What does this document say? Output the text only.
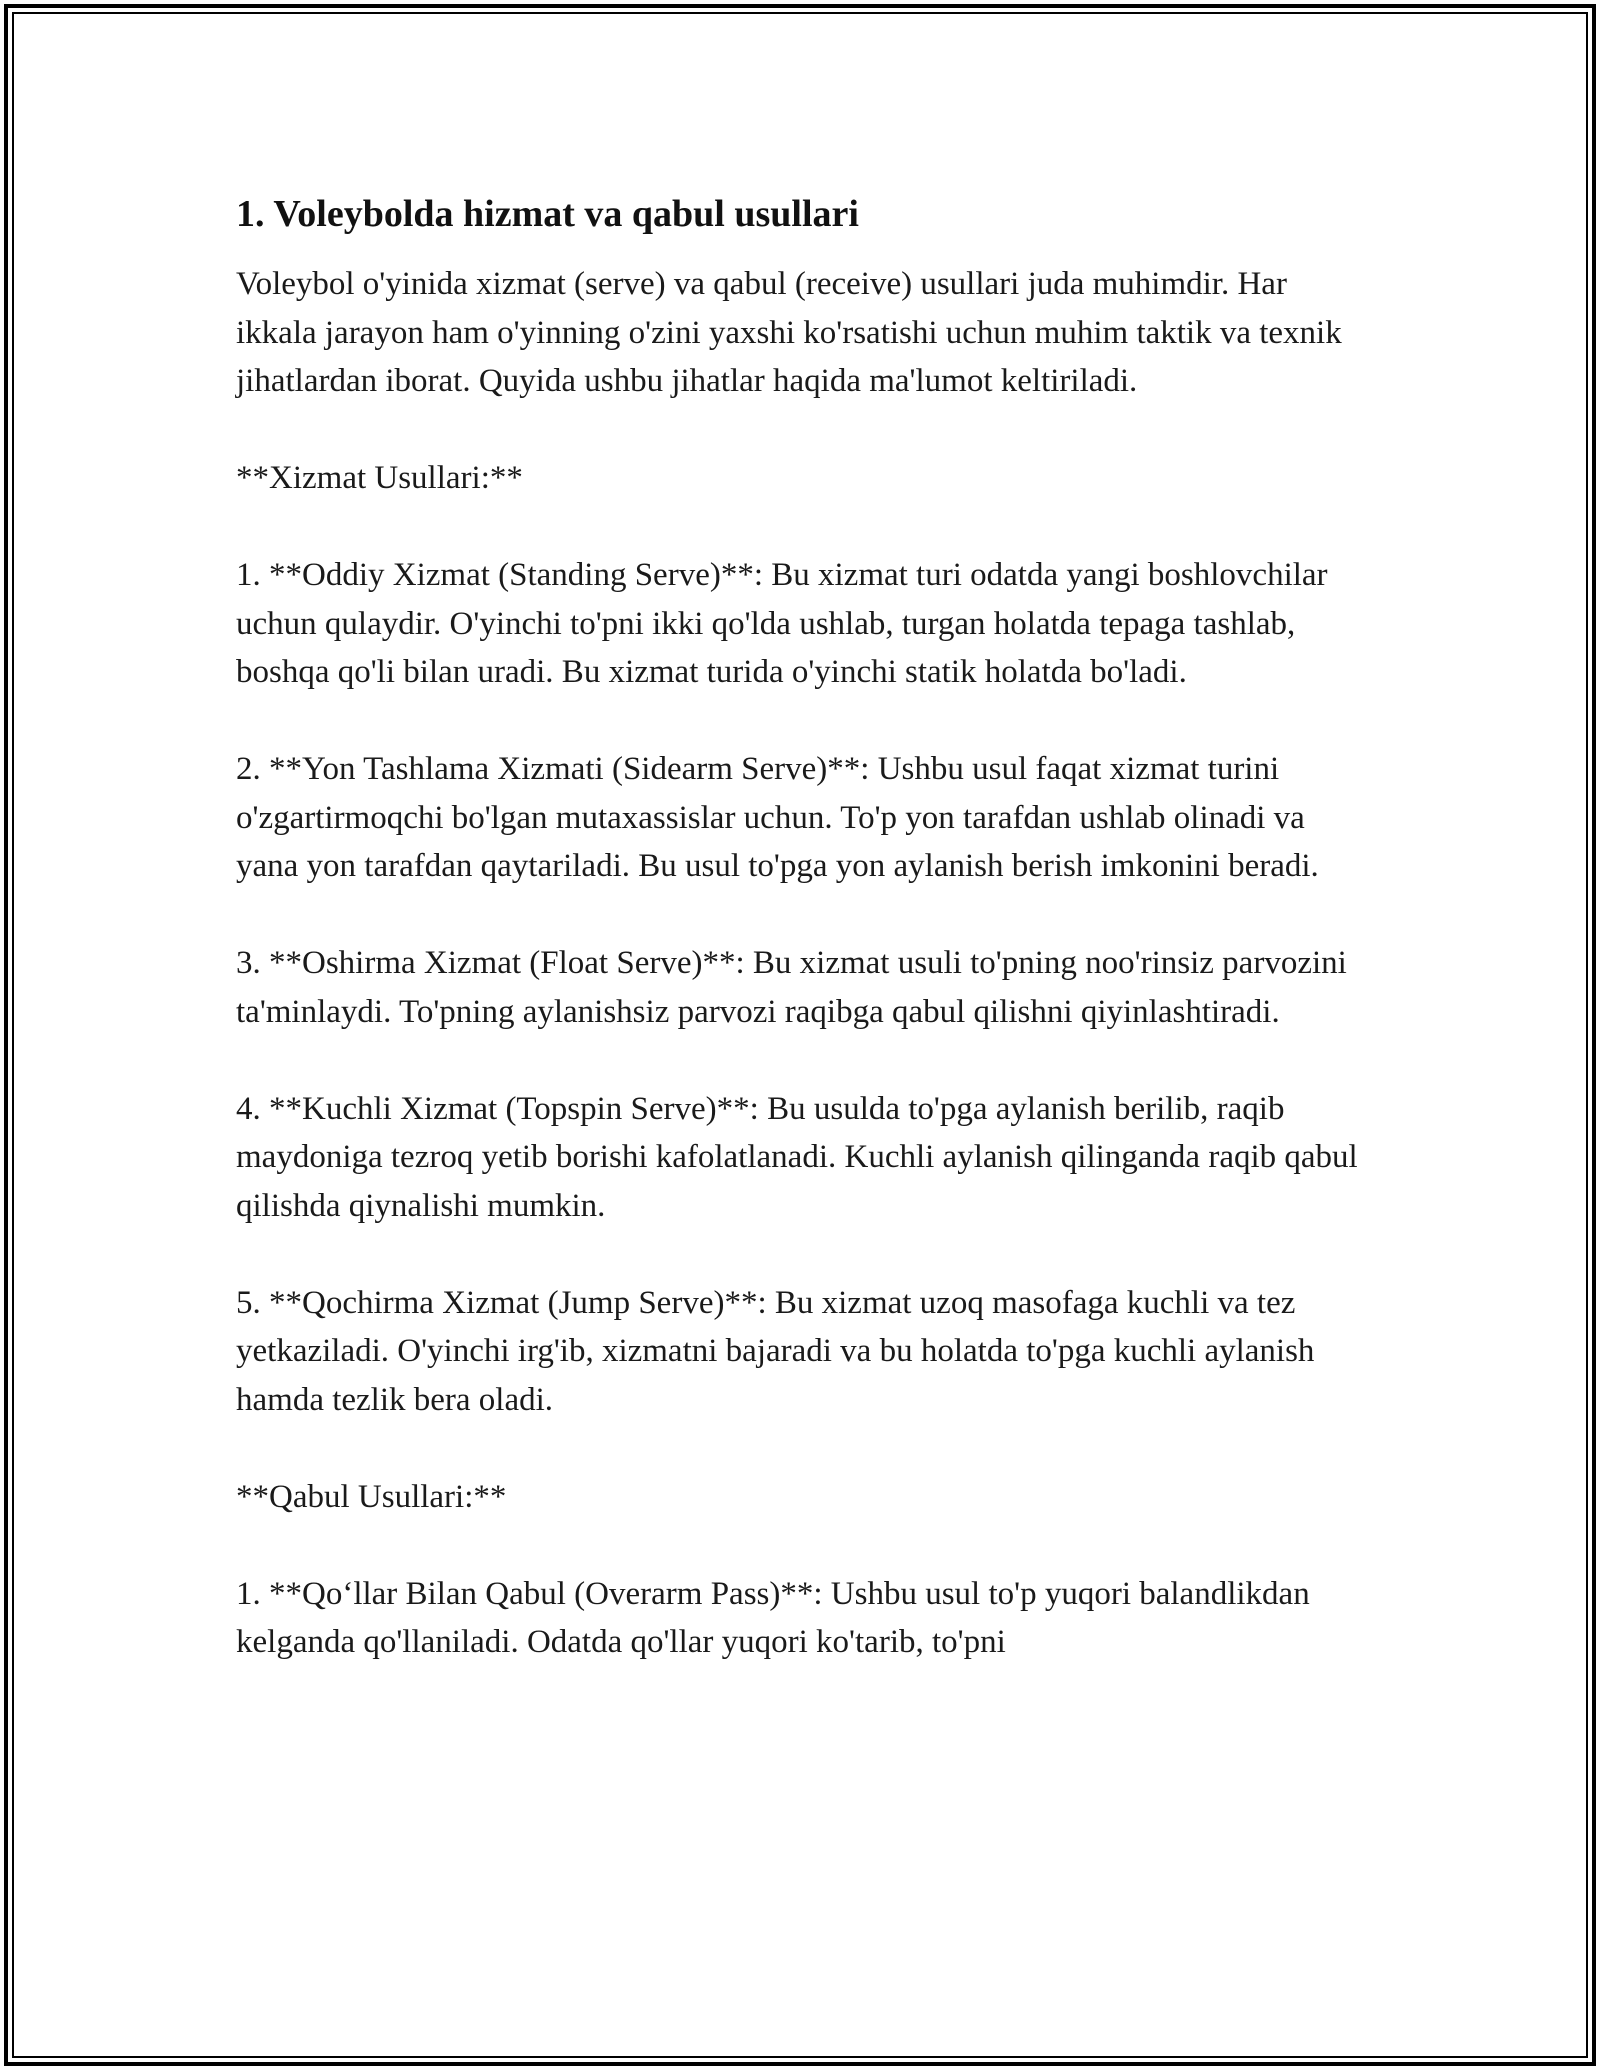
1. Voleybolda hizmat va qabul usullari

Voleybol o'yinida xizmat (serve) va qabul (receive) usullari juda muhimdir. Har ikkala jarayon ham o'yinning o'zini yaxshi ko'rsatishi uchun muhim taktik va texnik jihatlardan iborat. Quyida ushbu jihatlar haqida ma'lumot keltiriladi.

**Xizmat Usullari:**

1. **Oddiy Xizmat (Standing Serve)**: Bu xizmat turi odatda yangi boshlovchilar uchun qulaydir. O'yinchi to'pni ikki qo'lda ushlab, turgan holatda tepaga tashlab, boshqa qo'li bilan uradi. Bu xizmat turida o'yinchi statik holatda bo'ladi.

2. **Yon Tashlama Xizmati (Sidearm Serve)**: Ushbu usul faqat xizmat turini o'zgartirmoqchi bo'lgan mutaxassislar uchun. To'p yon tarafdan ushlab olinadi va yana yon tarafdan qaytariladi. Bu usul to'pga yon aylanish berish imkonini beradi.

3. **Oshirma Xizmat (Float Serve)**: Bu xizmat usuli to'pning noo'rinsiz parvozini ta'minlaydi. To'pning aylanishsiz parvozi raqibga qabul qilishni qiyinlashtiradi.

4. **Kuchli Xizmat (Topspin Serve)**: Bu usulda to'pga aylanish berilib, raqib maydoniga tezroq yetib borishi kafolatlanadi. Kuchli aylanish qilinganda raqib qabul qilishda qiynalishi mumkin.

5. **Qochirma Xizmat (Jump Serve)**: Bu xizmat uzoq masofaga kuchli va tez yetkaziladi. O'yinchi irg'ib, xizmatni bajaradi va bu holatda to'pga kuchli aylanish hamda tezlik bera oladi.

**Qabul Usullari:**

1. **Qo‘llar Bilan Qabul (Overarm Pass)**: Ushbu usul to'p yuqori balandlikdan kelganda qo'llaniladi. Odatda qo'llar yuqori ko'tarib, to'pni
